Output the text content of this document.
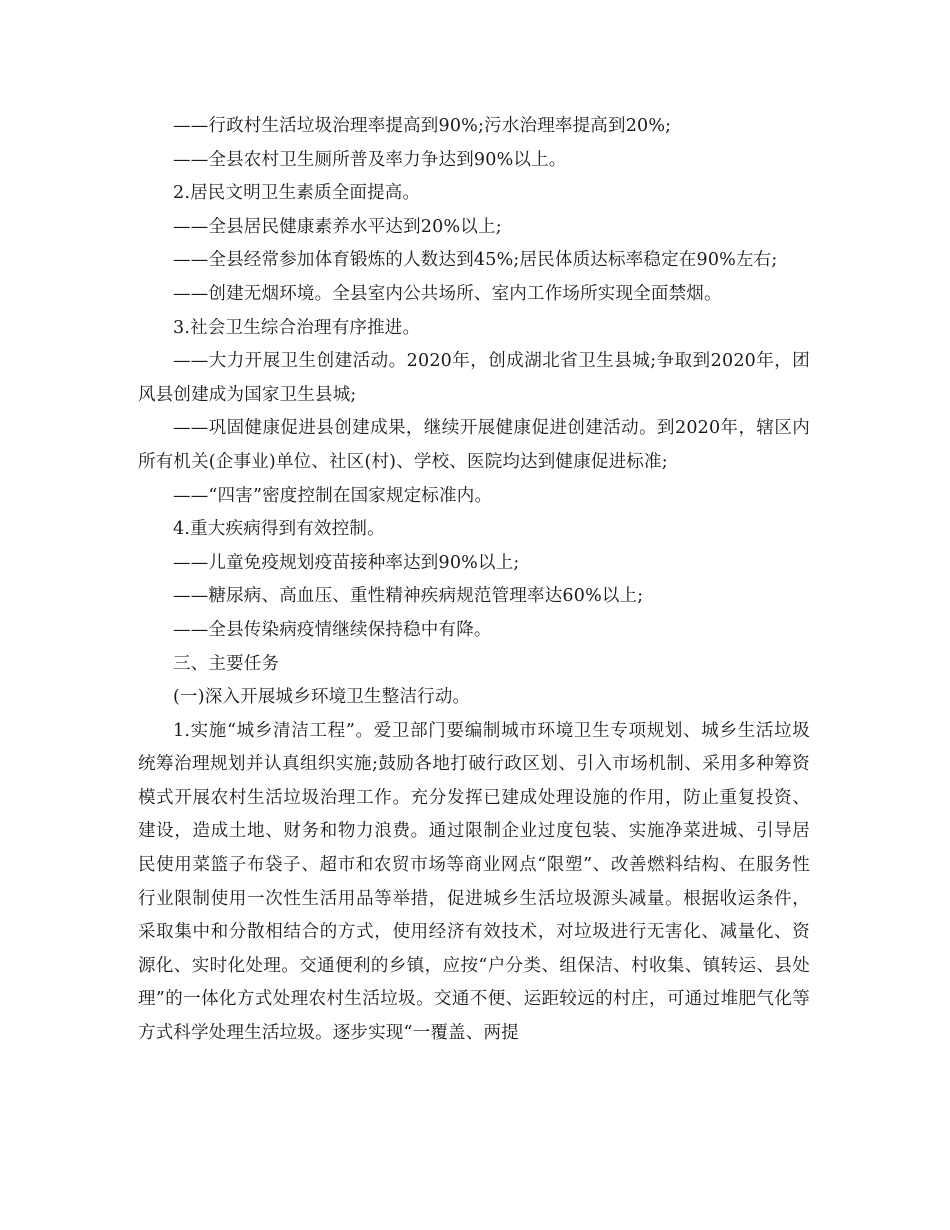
——行政村生活垃圾治理率提高到90%;污水治理率提高到20%;

——全县农村卫生厕所普及率力争达到90%以上。

2.居民文明卫生素质全面提高。

——全县居民健康素养水平达到20%以上;

——全县经常参加体育锻炼的人数达到45%;居民体质达标率稳定在90%左右;

——创建无烟环境。全县室内公共场所、室内工作场所实现全面禁烟。

3.社会卫生综合治理有序推进。

——大力开展卫生创建活动。2020年，创成湖北省卫生县城;争取到2020年，团风县创建成为国家卫生县城;

——巩固健康促进县创建成果，继续开展健康促进创建活动。到2020年，辖区内所有机关(企事业)单位、社区(村)、学校、医院均达到健康促进标准;

——“四害”密度控制在国家规定标准内。

4.重大疾病得到有效控制。

——儿童免疫规划疫苗接种率达到90%以上;

——糖尿病、高血压、重性精神疾病规范管理率达60%以上;

——全县传染病疫情继续保持稳中有降。

三、主要任务

(一)深入开展城乡环境卫生整洁行动。

1.实施“城乡清洁工程”。爱卫部门要编制城市环境卫生专项规划、城乡生活垃圾统筹治理规划并认真组织实施;鼓励各地打破行政区划、引入市场机制、采用多种筹资模式开展农村生活垃圾治理工作。充分发挥已建成处理设施的作用，防止重复投资、建设，造成土地、财务和物力浪费。通过限制企业过度包装、实施净菜进城、引导居民使用菜篮子布袋子、超市和农贸市场等商业网点“限塑”、改善燃料结构、在服务性行业限制使用一次性生活用品等举措，促进城乡生活垃圾源头减量。根据收运条件，采取集中和分散相结合的方式，使用经济有效技术，对垃圾进行无害化、减量化、资源化、实时化处理。交通便利的乡镇，应按“户分类、组保洁、村收集、镇转运、县处理”的一体化方式处理农村生活垃圾。交通不便、运距较远的村庄，可通过堆肥气化等方式科学处理生活垃圾。逐步实现“一覆盖、两提
